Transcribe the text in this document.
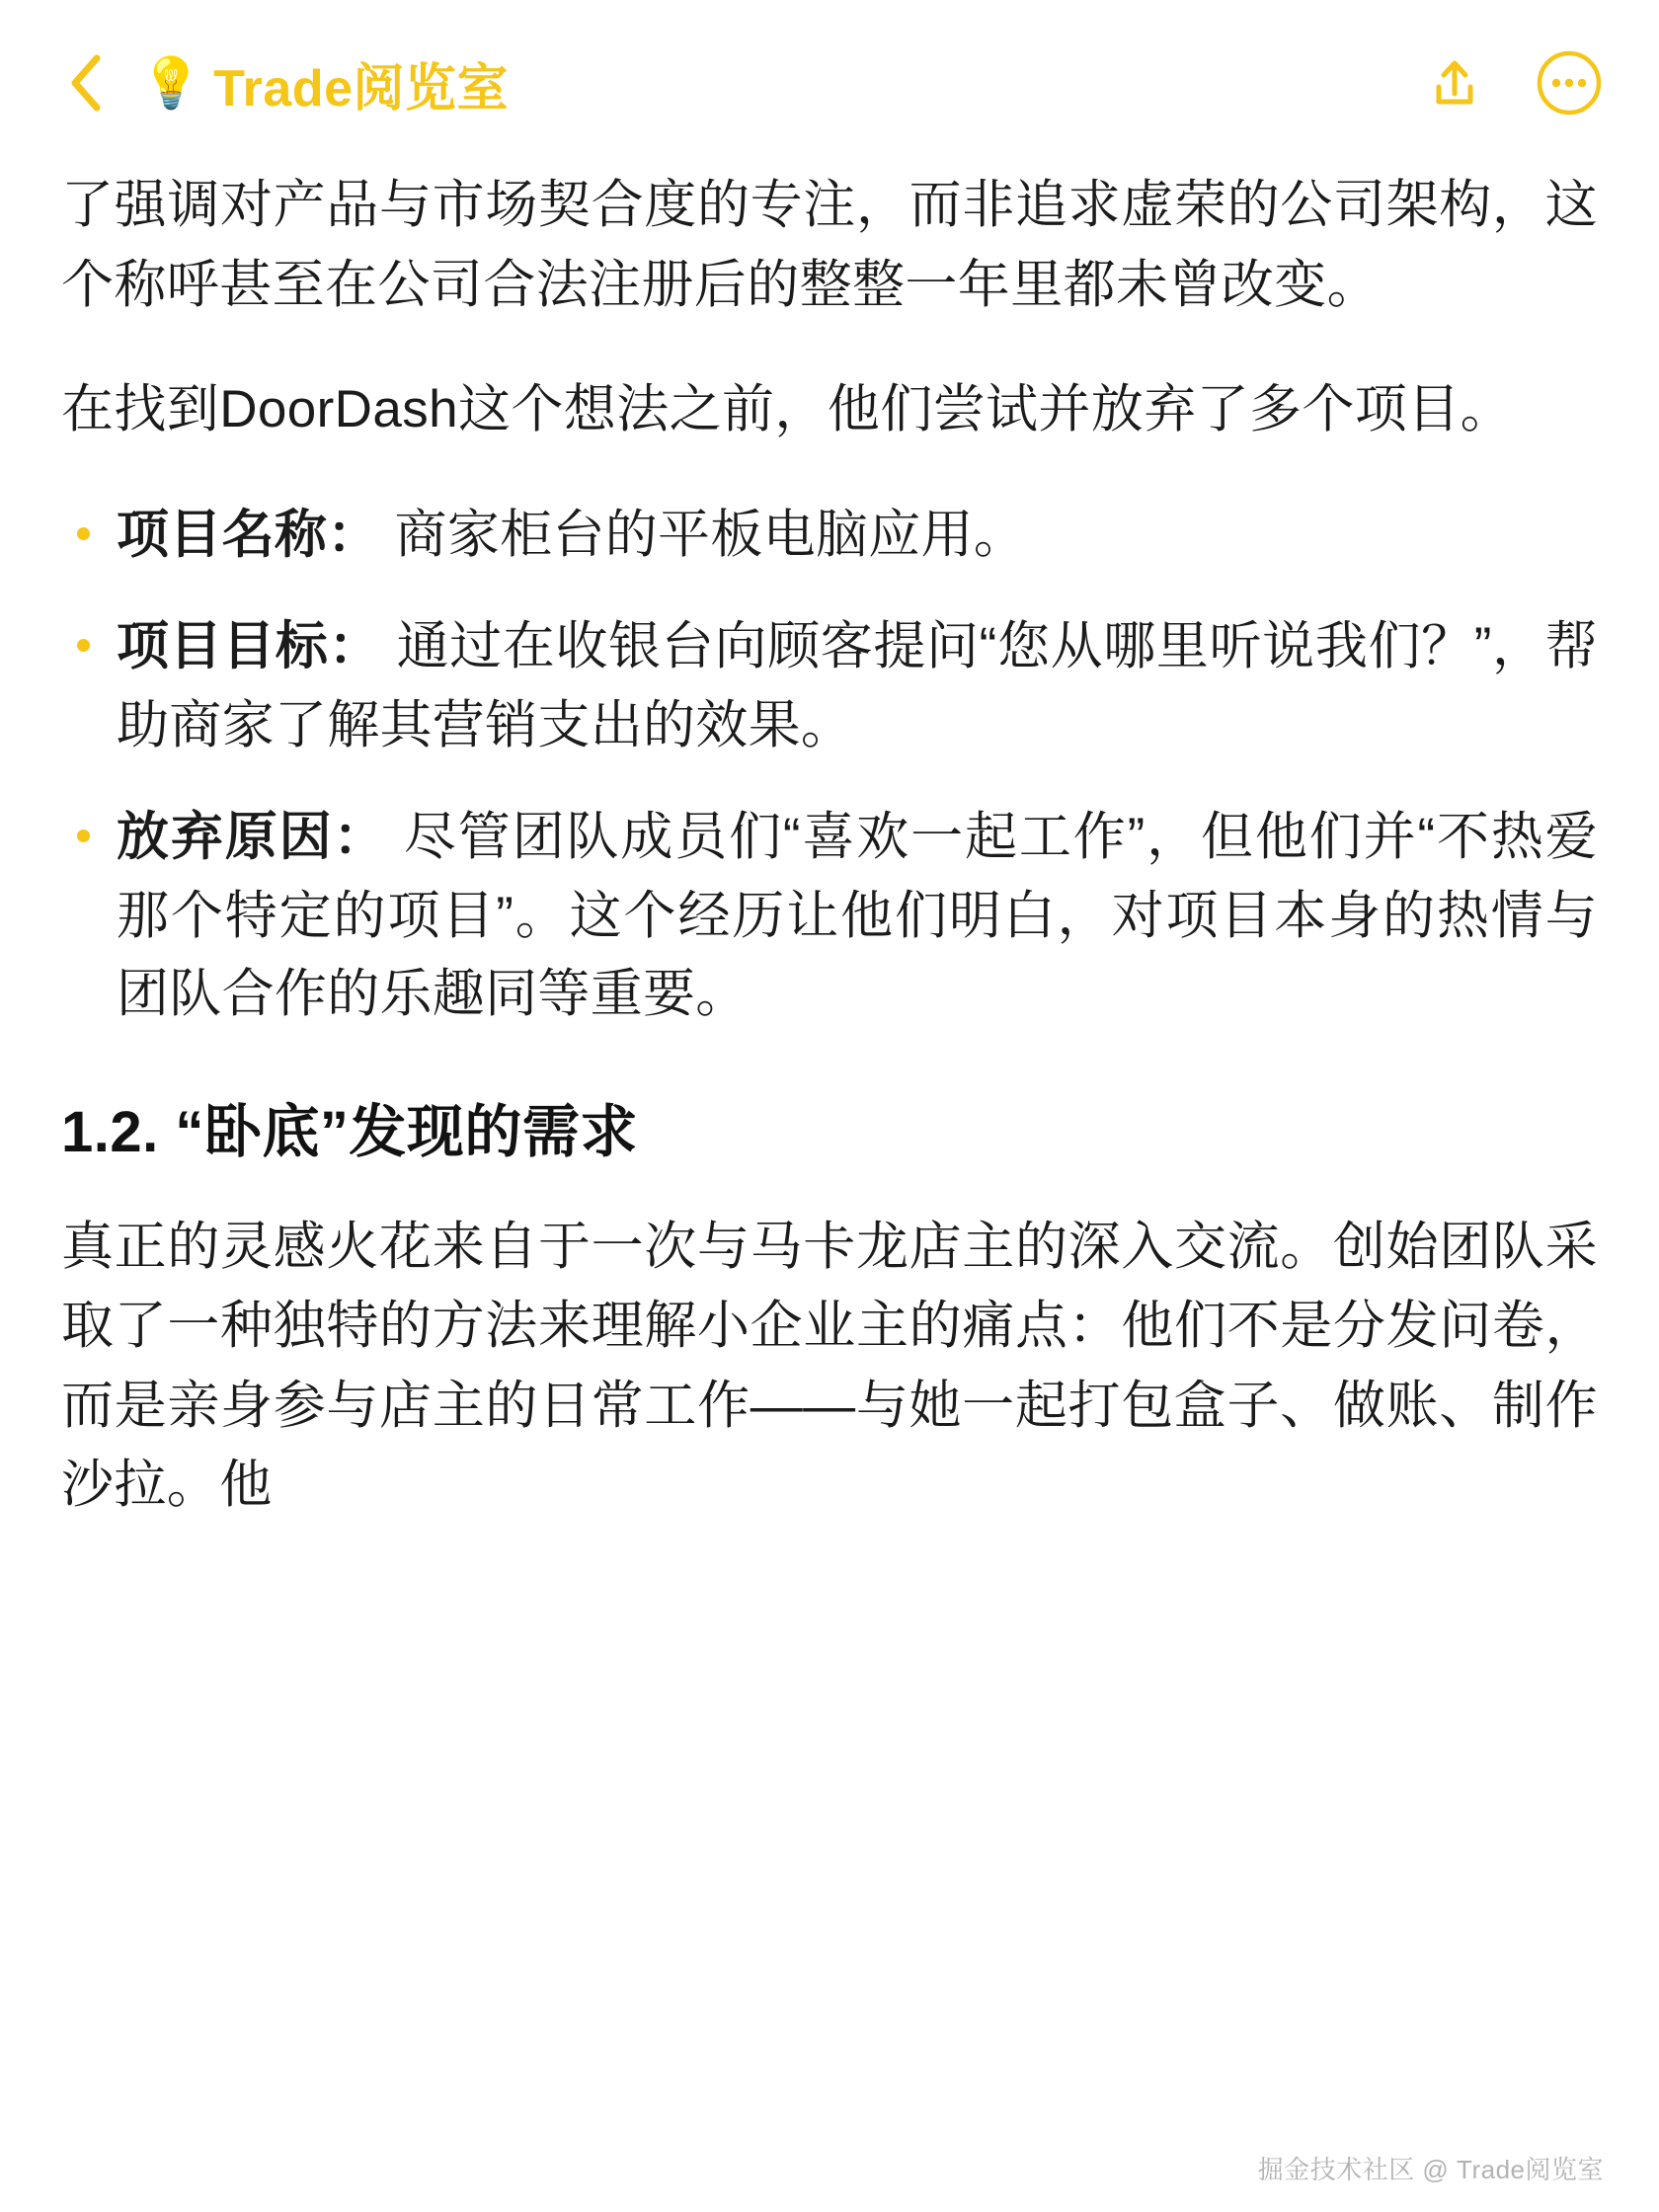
💡 Trade阅览室

了强调对产品与市场契合度的专注，而非追求虚荣的公司架构，这个称呼甚至在公司合法注册后的整整一年里都未曾改变。

在找到DoorDash这个想法之前，他们尝试并放弃了多个项目。

项目名称： 商家柜台的平板电脑应用。
项目目标： 通过在收银台向顾客提问“您从哪里听说我们？”，帮助商家了解其营销支出的效果。
放弃原因： 尽管团队成员们“喜欢一起工作”，但他们并“不热爱那个特定的项目”。这个经历让他们明白，对项目本身的热情与团队合作的乐趣同等重要。
1.2. “卧底”发现的需求

真正的灵感火花来自于一次与马卡龙店主的深入交流。创始团队采取了一种独特的方法来理解小企业主的痛点：他们不是分发问卷，而是亲身参与店主的日常工作——与她一起打包盒子、做账、制作沙拉。他

掘金技术社区 @ Trade阅览室
